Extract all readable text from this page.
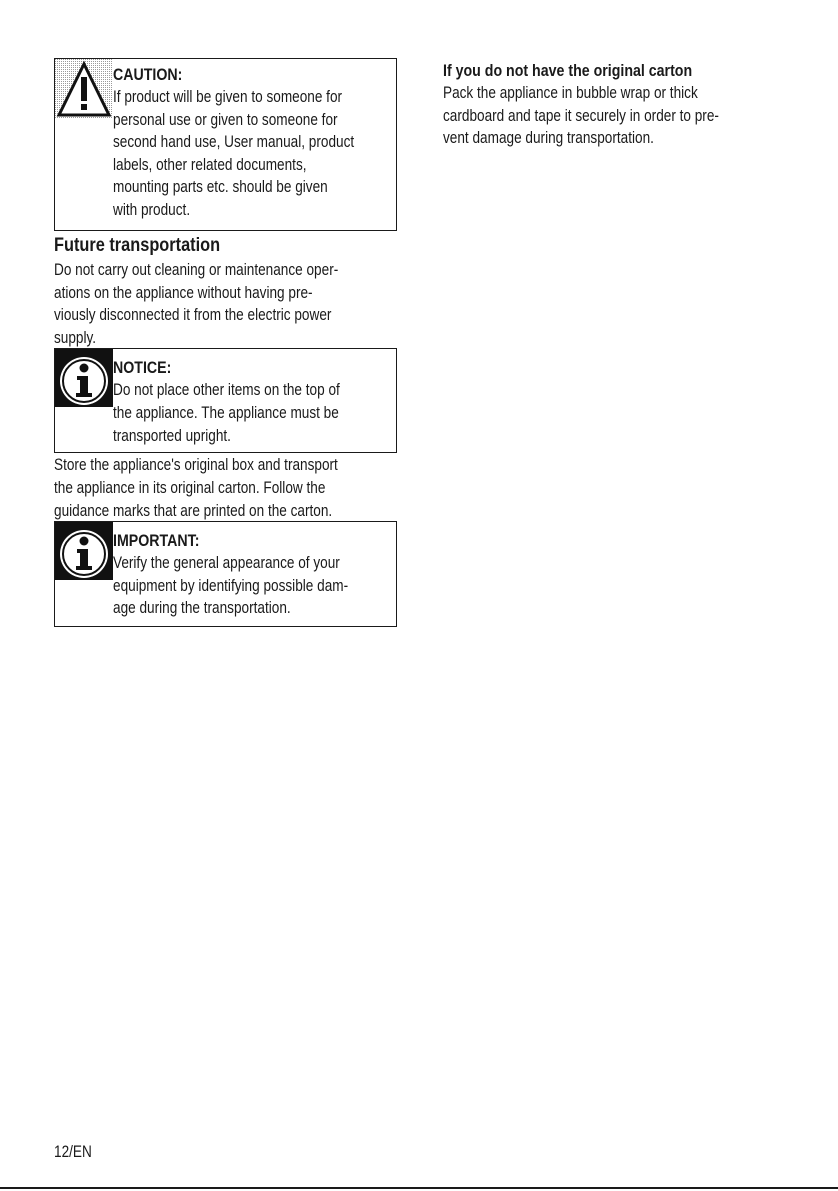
CAUTION:
If product will be given to someone for
personal use or given to someone for
second hand use, User manual, product
labels, other related documents,
mounting parts etc. should be given
with product.
Future transportation
Do not carry out cleaning or maintenance oper-
ations on the appliance without having pre-
viously disconnected it from the electric power
supply.
NOTICE:
Do not place other items on the top of
the appliance. The appliance must be
transported upright.
Store the appliance's original box and transport
the appliance in its original carton. Follow the
guidance marks that are printed on the carton.
IMPORTANT:
Verify the general appearance of your
equipment by identifying possible dam-
age during the transportation.
If you do not have the original carton
Pack the appliance in bubble wrap or thick
cardboard and tape it securely in order to pre-
vent damage during transportation.
12/EN
